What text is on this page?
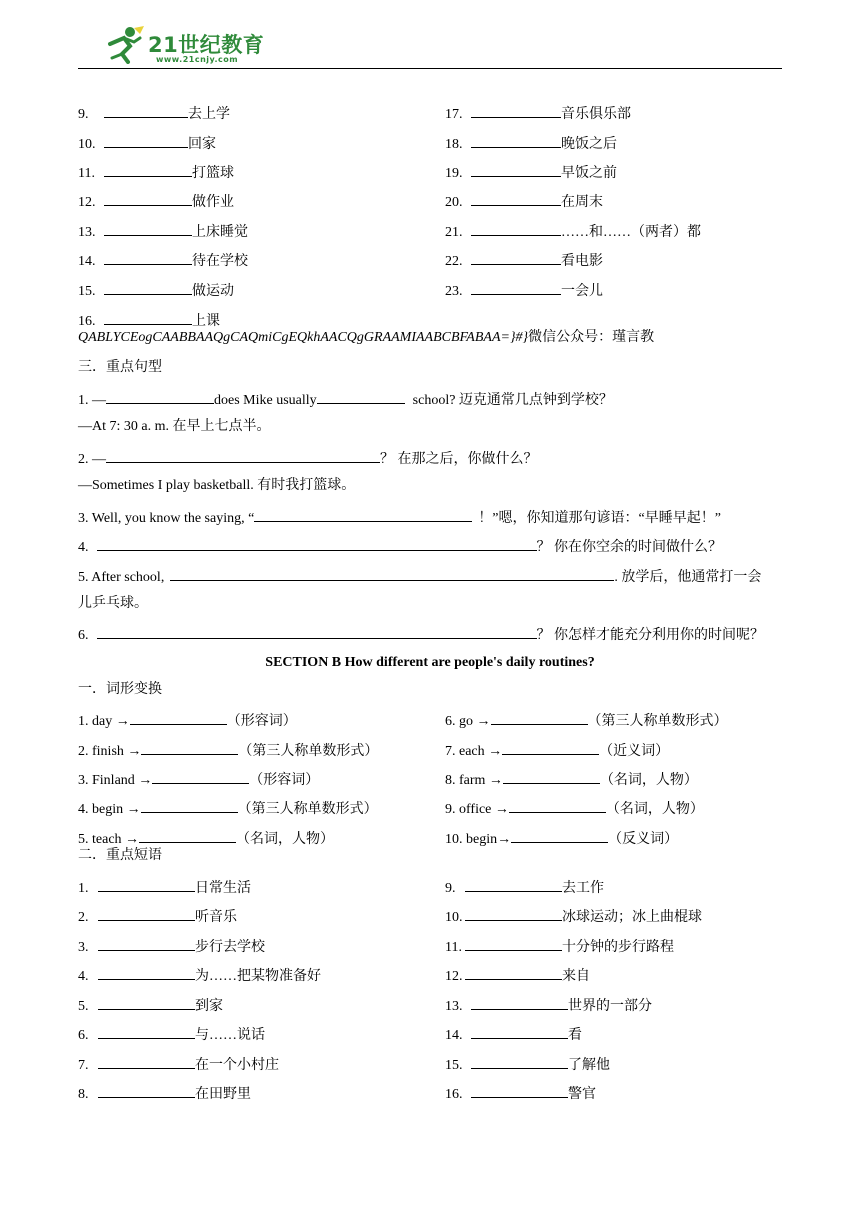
21世纪教育
www.21cnjy.com
9.	去上学
10.	回家
11.	打篮球
12.	做作业
13.	上床睡觉
14.	待在学校
15.	做运动
16.	上课
17.	音乐俱乐部
18.	晚饭之后
19.	早饭之前
20.	在周末
21.	……和……（两者）都
22.	看电影
23.	一会儿
QABLYCEogCAABBAAQgCAQmiCgEQkhAACQgGRAAMIAABCBFABAA=}#}微信公众号：瑾言教
三．重点句型
1. —	does Mike usually	school? 迈克通常几点钟到学校？
—At 7: 30 a. m. 在早上七点半。
2. —	？ 在那之后，你做什么？
—Sometimes I play basketball. 有时我打篮球。
3. Well, you know the saying, “	！”嗯，你知道那句谚语：“早睡早起！”
4.	？ 你在你空余的时间做什么？
5. After school,	. 放学后，他通常打一会
儿乒乓球。
6.	？ 你怎样才能充分利用你的时间呢？
SECTION B How different are people's daily routines?
一．词形变换
1. day →	（形容词）
2. finish →	（第三人称单数形式）
3. Finland →	（形容词）
4. begin →	（第三人称单数形式）
5. teach →	（名词，人物）
6. go →	（第三人称单数形式）
7. each →	（近义词）
8. farm →	（名词，人物）
9. office →	（名词，人物）
10. begin→	（反义词）
二．重点短语
1.	日常生活
2.	听音乐
3.	步行去学校
4.	为……把某物准备好
5.	到家
6.	与……说话
7.	在一个小村庄
8.	在田野里
9.	去工作
10.	冰球运动；冰上曲棍球
11.	十分钟的步行路程
12.	来自
13.	世界的一部分
14.	看
15.	了解他
16.	警官
